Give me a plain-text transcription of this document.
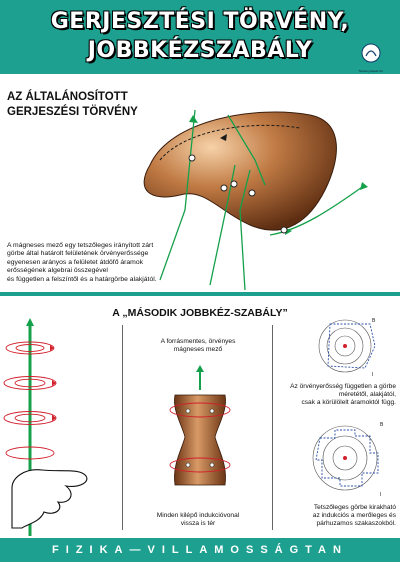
GERJESZTÉSI TÖRVÉNY,
JOBBKÉZSZABÁLY
Tankönyvkiadó Kft.
AZ ÁLTALÁNOSÍTOTT
GERJESZÉSI TÖRVÉNY
A mágneses mező egy tetszőleges irányított zárt
görbe által határolt felületének örvényerőssége
egyenesen arányos a felületet átdöfő áramok
erősségének algebrai összegével
és független a felszíntől és a határgörbe alakjától.
A „MÁSODIK JOBBKÉZ-SZABÁLY”
A forrásmentes, örvényes
mágneses mező
Minden kilépő indukcióvonal
vissza is tér
B
I
Az örvényerősség független a görbe
méretétől, alakjától,
csak a körülölelt áramoktól függ.
B
I
Tetszőleges görbe kirakható
az indukciós a merőleges és
párhuzamos szakaszokból.
FIZIKA—VILLAMOSSÁGTAN
